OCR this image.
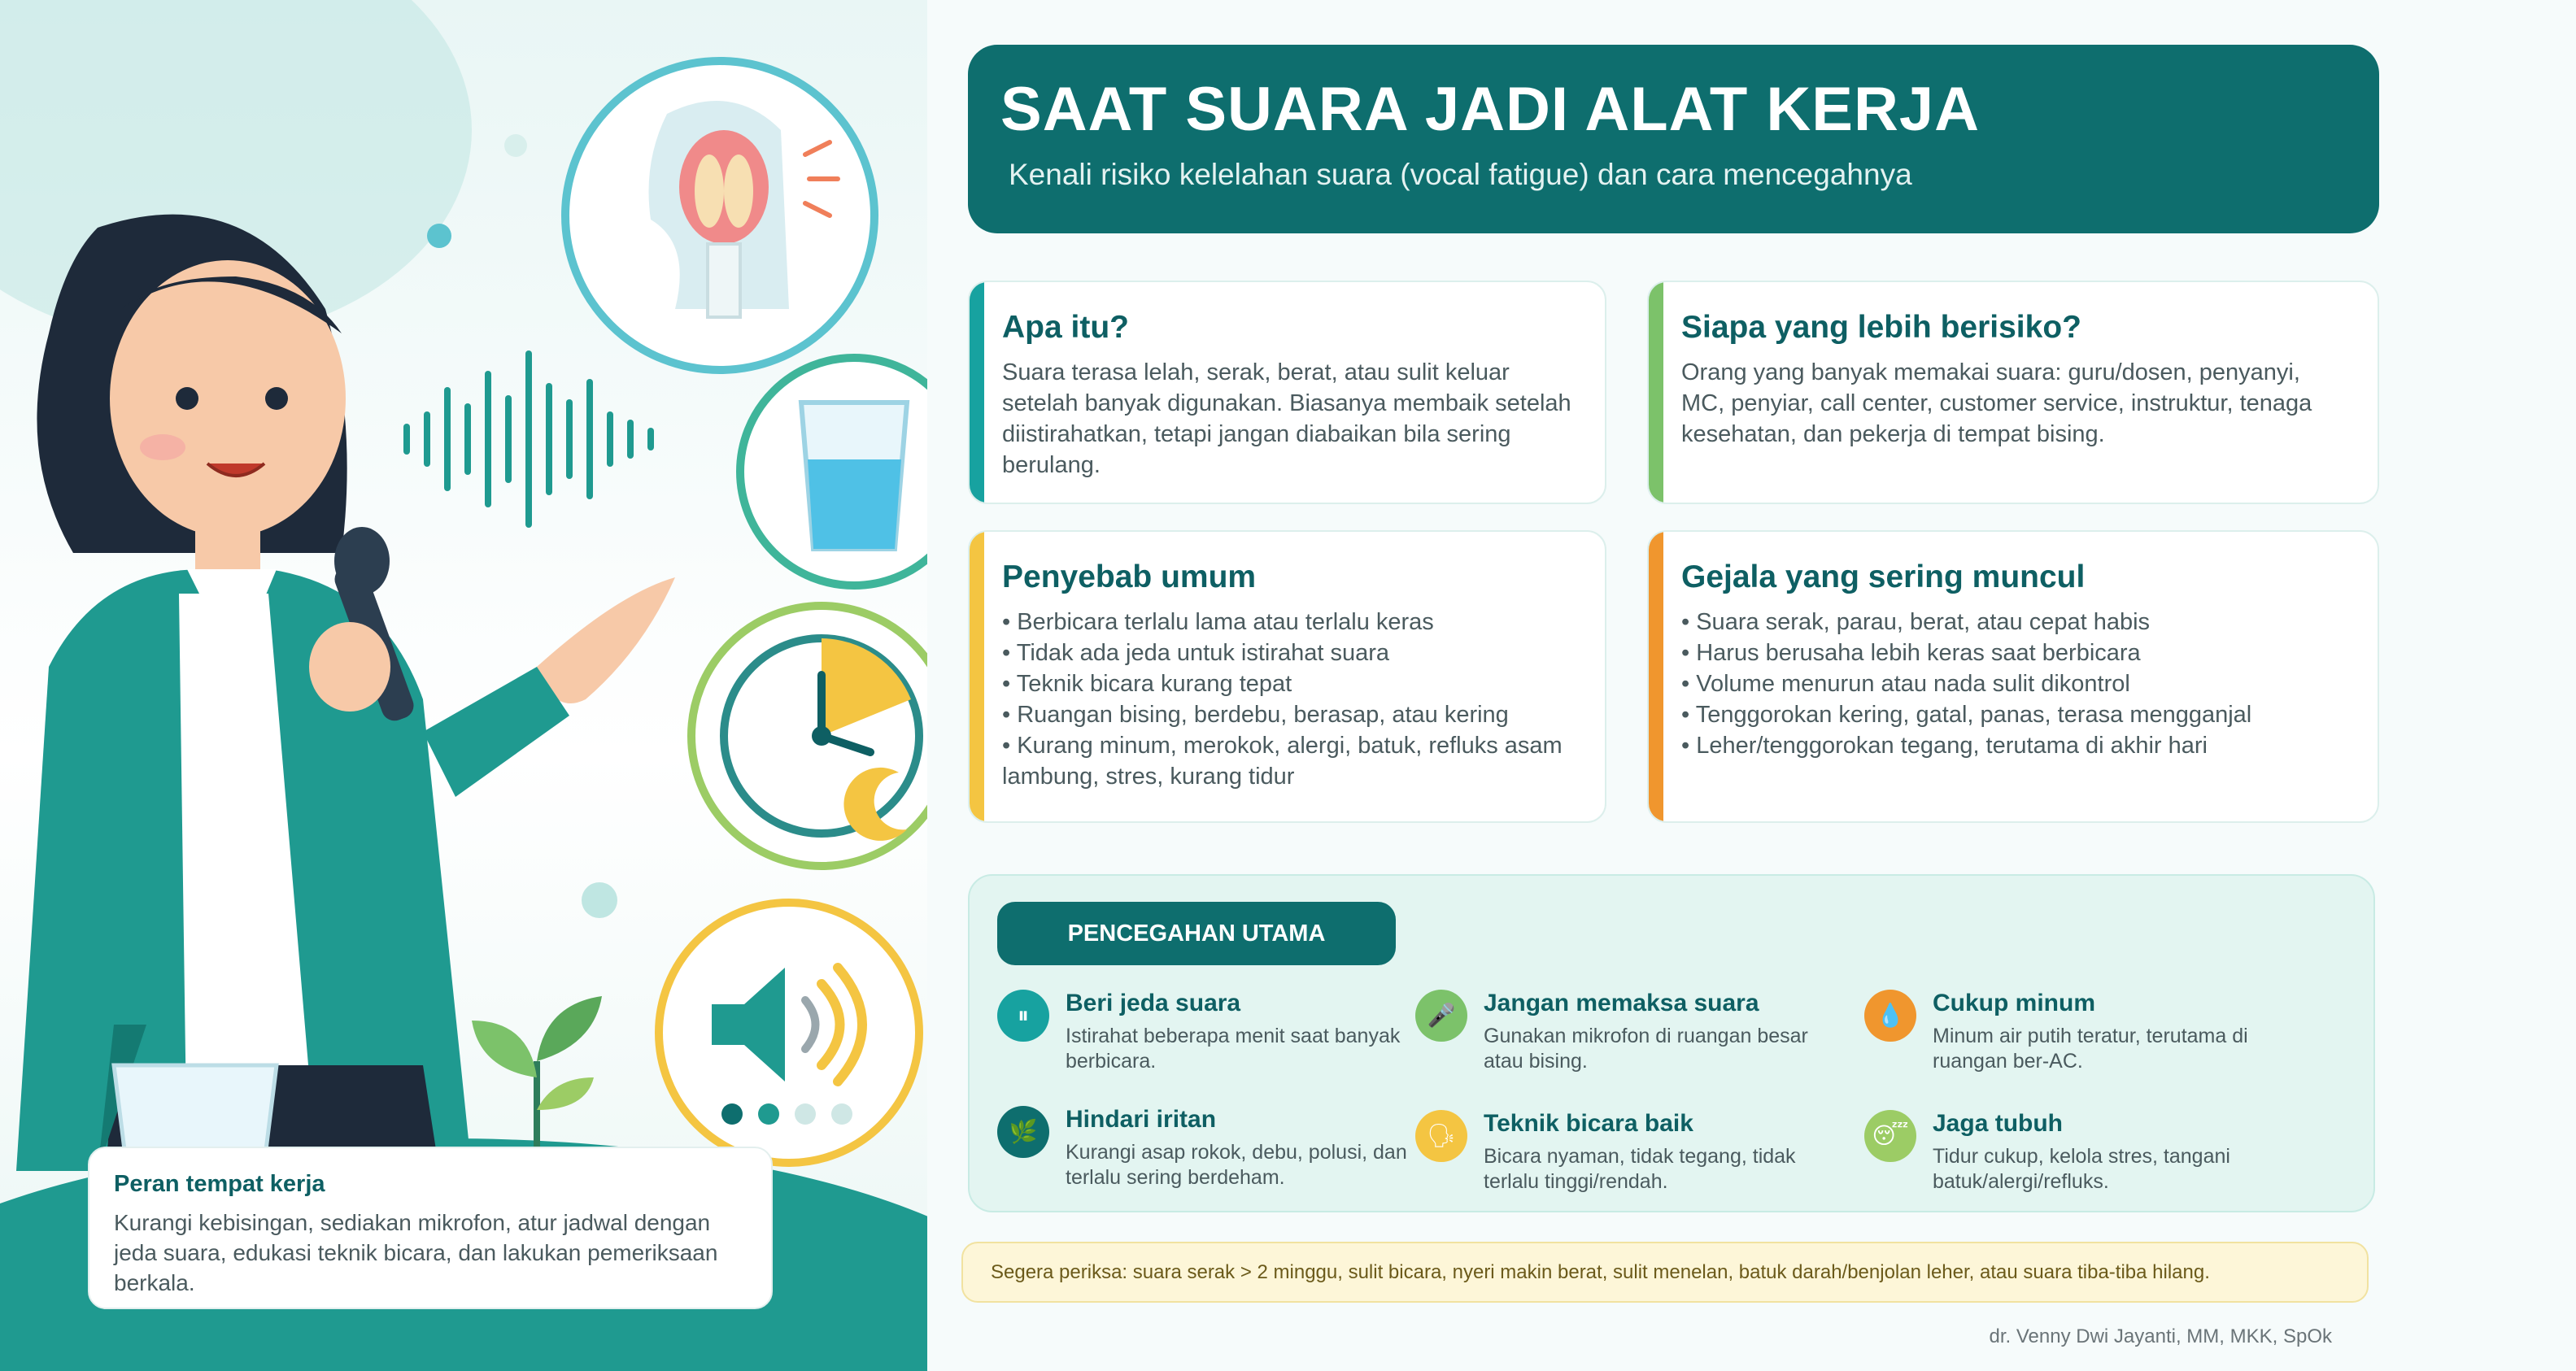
Peran tempat kerja

Kurangi kebisingan, sediakan mikrofon, atur jadwal dengan jeda suara, edukasi teknik bicara, dan lakukan pemeriksaan berkala.

SAAT SUARA JADI ALAT KERJA

Kenali risiko kelelahan suara (vocal fatigue) dan cara mencegahnya

Apa itu?

Suara terasa lelah, serak, berat, atau sulit keluar setelah banyak digunakan. Biasanya membaik setelah diistirahatkan, tetapi jangan diabaikan bila sering berulang.

Siapa yang lebih berisiko?

Orang yang banyak memakai suara: guru/dosen, penyanyi, MC, penyiar, call center, customer service, instruktur, tenaga kesehatan, dan pekerja di tempat bising.

Penyebab umum
• Berbicara terlalu lama atau terlalu keras
• Tidak ada jeda untuk istirahat suara
• Teknik bicara kurang tepat
• Ruangan bising, berdebu, berasap, atau kering
• Kurang minum, merokok, alergi, batuk, refluks asam lambung, stres, kurang tidur
Gejala yang sering muncul
• Suara serak, parau, berat, atau cepat habis
• Harus berusaha lebih keras saat berbicara
• Volume menurun atau nada sulit dikontrol
• Tenggorokan kering, gatal, panas, terasa mengganjal
• Leher/tenggorokan tegang, terutama di akhir hari
PENCEGAHAN UTAMA
⏸	Beri jeda suara
Istirahat beberapa menit saat banyak berbicara.
🎤	Jangan memaksa suara
Gunakan mikrofon di ruangan besar atau bising.
💧	Cukup minum
Minum air putih teratur, terutama di ruangan ber-AC.
🌿	Hindari iritan
Kurangi asap rokok, debu, polusi, dan terlalu sering berdeham.
🗣	Teknik bicara baik
Bicara nyaman, tidak tegang, tidak terlalu tinggi/rendah.
😴 Jaga tubuh
Tidur cukup, kelola stres, tangani batuk/alergi/refluks.
Segera periksa: suara serak > 2 minggu, sulit bicara, nyeri makin berat, sulit menelan, batuk darah/benjolan leher, atau suara tiba-tiba hilang.
dr. Venny Dwi Jayanti, MM, MKK, SpOk
